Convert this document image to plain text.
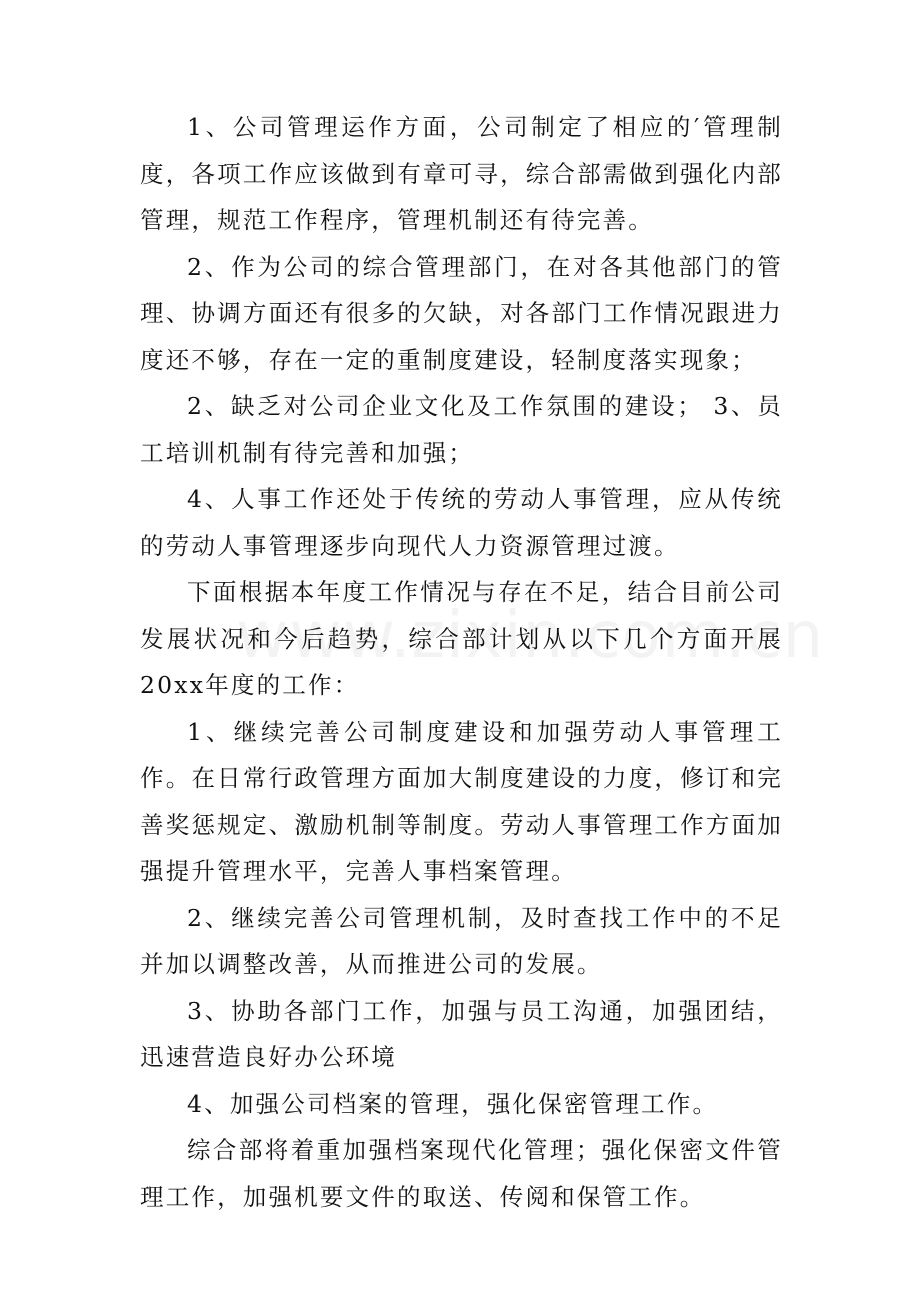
1、公司管理运作方面，公司制定了相应的′管理制度，各项工作应该做到有章可寻，综合部需做到强化内部管理，规范工作程序，管理机制还有待完善。

2、作为公司的综合管理部门，在对各其他部门的管理、协调方面还有很多的欠缺，对各部门工作情况跟进力度还不够，存在一定的重制度建设，轻制度落实现象；

2、缺乏对公司企业文化及工作氛围的建设； 3、员工培训机制有待完善和加强；

4、人事工作还处于传统的劳动人事管理，应从传统的劳动人事管理逐步向现代人力资源管理过渡。

下面根据本年度工作情况与存在不足，结合目前公司发展状况和今后趋势，综合部计划从以下几个方面开展20xx年度的工作：

1、继续完善公司制度建设和加强劳动人事管理工作。在日常行政管理方面加大制度建设的力度，修订和完善奖惩规定、激励机制等制度。劳动人事管理工作方面加强提升管理水平，完善人事档案管理。

2、继续完善公司管理机制，及时查找工作中的不足并加以调整改善，从而推进公司的发展。

3、协助各部门工作，加强与员工沟通，加强团结，迅速营造良好办公环境

4、加强公司档案的管理，强化保密管理工作。

综合部将着重加强档案现代化管理；强化保密文件管理工作，加强机要文件的取送、传阅和保管工作。
